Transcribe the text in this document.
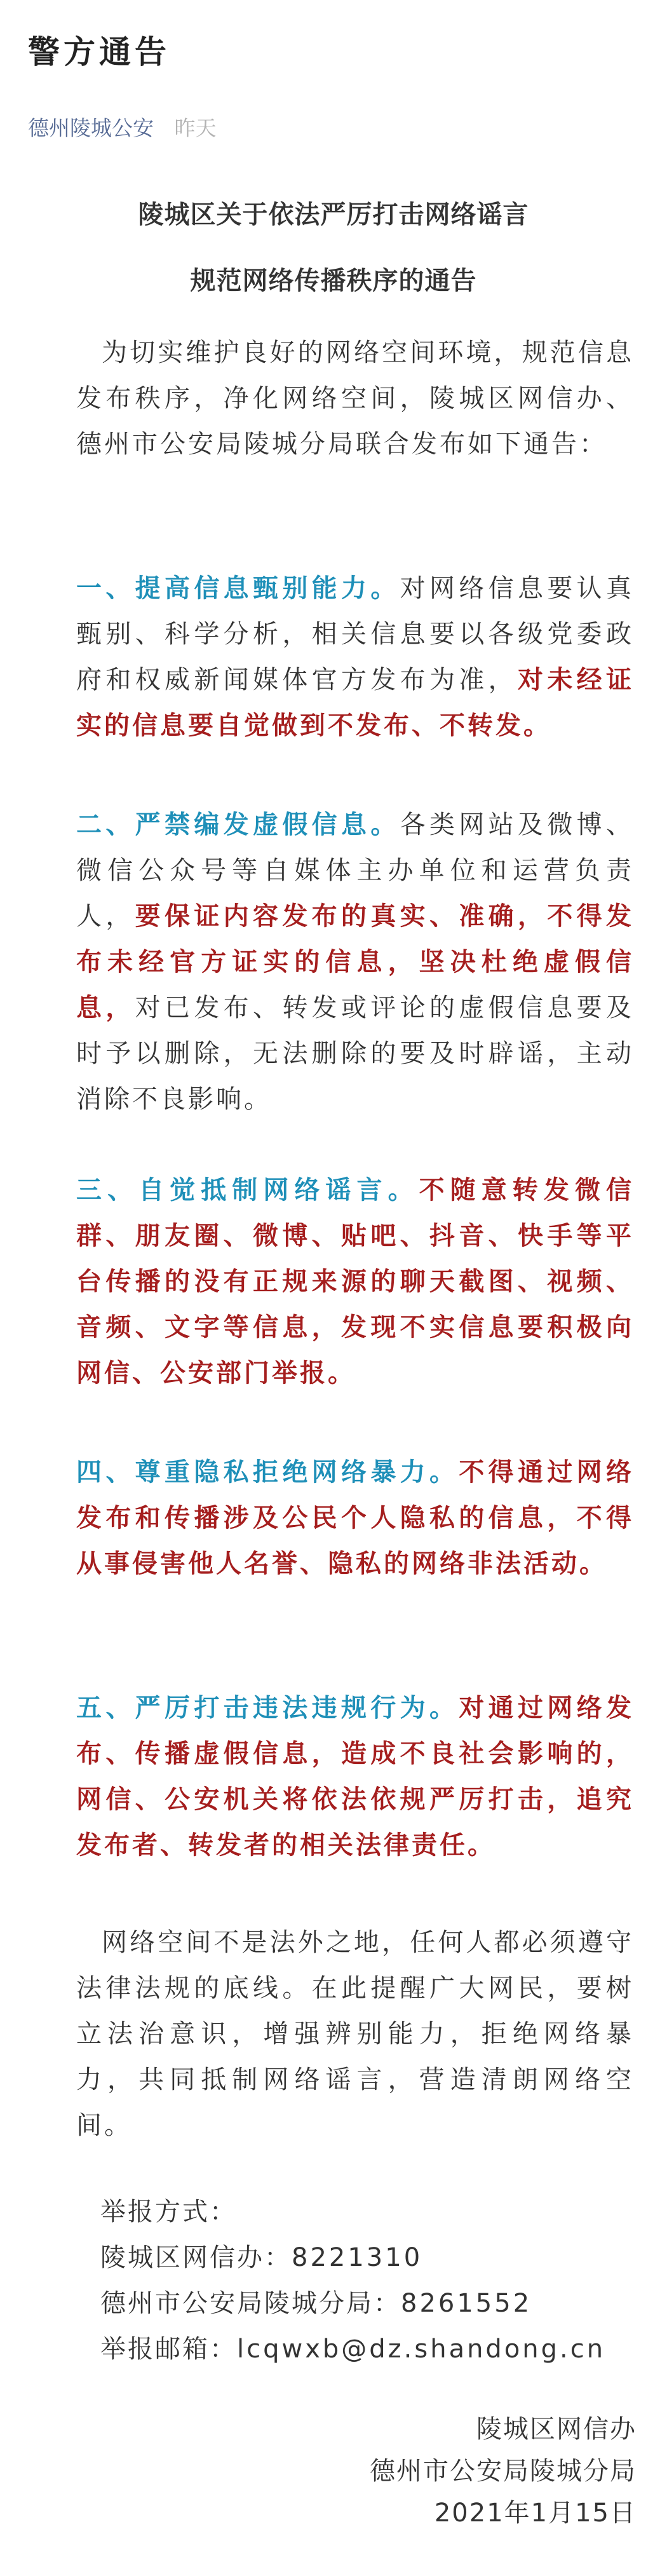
警方通告
德州陵城公安 昨天
陵城区关于依法严厉打击网络谣言
规范网络传播秩序的通告

为切实维护良好的网络空间环境，规范信息发布秩序，净化网络空间，陵城区网信办、德州市公安局陵城分局联合发布如下通告：

一、提高信息甄别能力。对网络信息要认真甄别、科学分析，相关信息要以各级党委政府和权威新闻媒体官方发布为准，对未经证实的信息要自觉做到不发布、不转发。

二、严禁编发虚假信息。各类网站及微博、微信公众号等自媒体主办单位和运营负责人，要保证内容发布的真实、准确，不得发布未经官方证实的信息，坚决杜绝虚假信息，对已发布、转发或评论的虚假信息要及时予以删除，无法删除的要及时辟谣，主动消除不良影响。

三、自觉抵制网络谣言。不随意转发微信群、朋友圈、微博、贴吧、抖音、快手等平台传播的没有正规来源的聊天截图、视频、音频、文字等信息，发现不实信息要积极向网信、公安部门举报。

四、尊重隐私拒绝网络暴力。不得通过网络发布和传播涉及公民个人隐私的信息，不得从事侵害他人名誉、隐私的网络非法活动。

五、严厉打击违法违规行为。对通过网络发布、传播虚假信息，造成不良社会影响的，网信、公安机关将依法依规严厉打击，追究发布者、转发者的相关法律责任。

网络空间不是法外之地，任何人都必须遵守法律法规的底线。在此提醒广大网民，要树立法治意识，增强辨别能力，拒绝网络暴力，共同抵制网络谣言，营造清朗网络空间。

举报方式：
陵城区网信办：8221310
德州市公安局陵城分局：8261552
举报邮箱：lcqwxb@dz.shandong.cn
陵城区网信办
德州市公安局陵城分局
2021年1月15日
